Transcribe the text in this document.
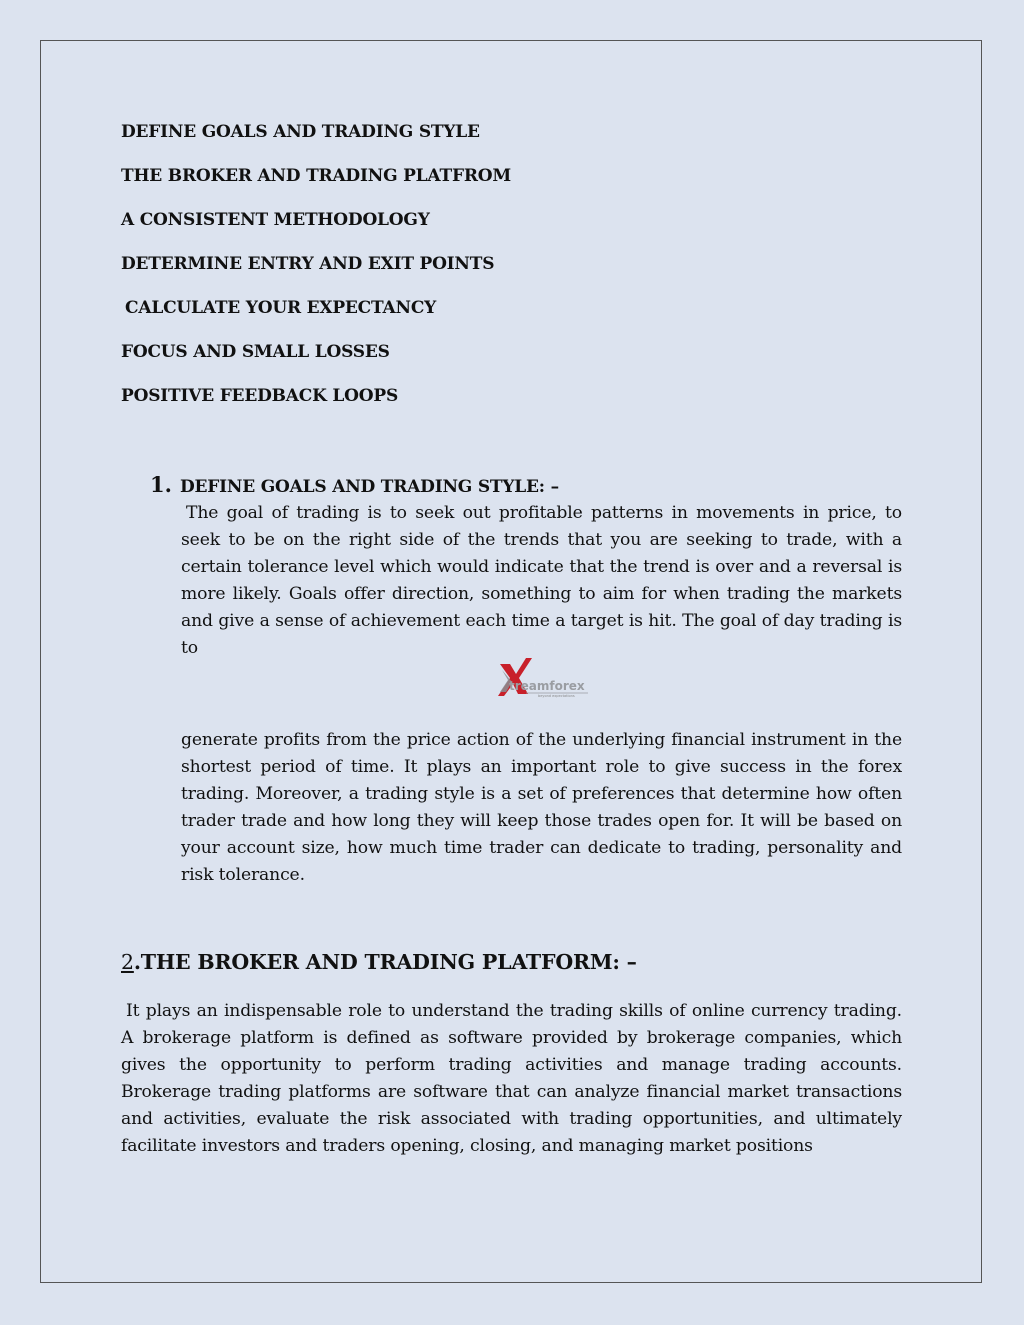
DEFINE GOALS AND TRADING STYLE
THE BROKER AND TRADING PLATFROM
A CONSISTENT METHODOLOGY
DETERMINE ENTRY AND EXIT POINTS
CALCULATE YOUR EXPECTANCY
FOCUS AND SMALL LOSSES
POSITIVE FEEDBACK LOOPS
1. DEFINE GOALS AND TRADING STYLE: –

The goal of trading is to seek out profitable patterns in movements in price, to seek to be on the right side of the trends that you are seeking to trade, with a certain tolerance level which would indicate that the trend is over and a reversal is more likely. Goals offer direction, something to aim for when trading the markets and give a sense of achievement each time a target is hit. The goal of day trading is to

treamforex
beyond expectations

generate profits from the price action of the underlying financial instrument in the shortest period of time. It plays an important role to give success in the forex trading. Moreover, a trading style is a set of preferences that determine how often trader trade and how long they will keep those trades open for. It will be based on your account size, how much time trader can dedicate to trading, personality and risk tolerance.

2.THE BROKER AND TRADING PLATFORM: –

It plays an indispensable role to understand the trading skills of online currency trading. A brokerage platform is defined as software provided by brokerage companies, which gives the opportunity to perform trading activities and manage trading accounts. Brokerage trading platforms are software that can analyze financial market transactions and activities, evaluate the risk associated with trading opportunities, and ultimately facilitate investors and traders opening, closing, and managing market positions
